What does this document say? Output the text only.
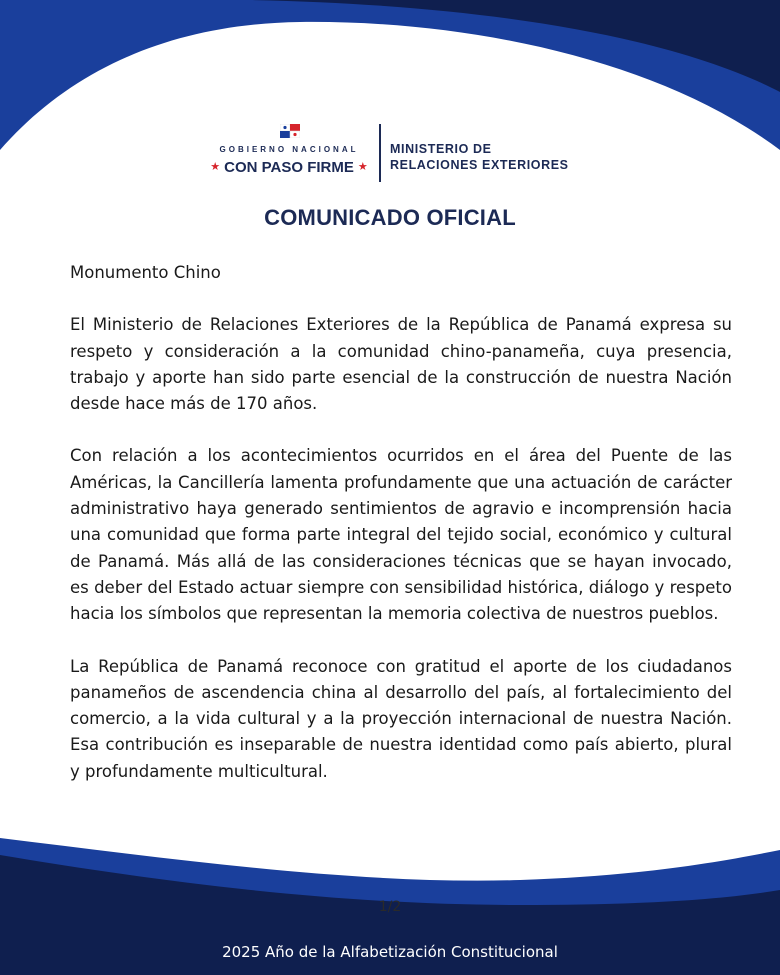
GOBIERNO NACIONAL
★ CON PASO FIRME ★
MINISTERIO DE
RELACIONES EXTERIORES
COMUNICADO OFICIAL

Monumento Chino

El Ministerio de Relaciones Exteriores de la República de Panamá expresa su respeto y consideración a la comunidad chino-panameña, cuya presencia, trabajo y aporte han sido parte esencial de la construcción de nuestra Nación desde hace más de 170 años.

Con relación a los acontecimientos ocurridos en el área del Puente de las Américas, la Cancillería lamenta profundamente que una actuación de carácter administrativo haya generado sentimientos de agravio e incomprensión hacia una comunidad que forma parte integral del tejido social, económico y cultural de Panamá. Más allá de las consideraciones técnicas que se hayan invocado, es deber del Estado actuar siempre con sensibilidad histórica, diálogo y respeto hacia los símbolos que representan la memoria colectiva de nuestros pueblos.

La República de Panamá reconoce con gratitud el aporte de los ciudadanos panameños de ascendencia china al desarrollo del país, al fortalecimiento del comercio, a la vida cultural y a la proyección internacional de nuestra Nación. Esa contribución es inseparable de nuestra identidad como país abierto, plural y profundamente multicultural.

1/2
2025 Año de la Alfabetización Constitucional
